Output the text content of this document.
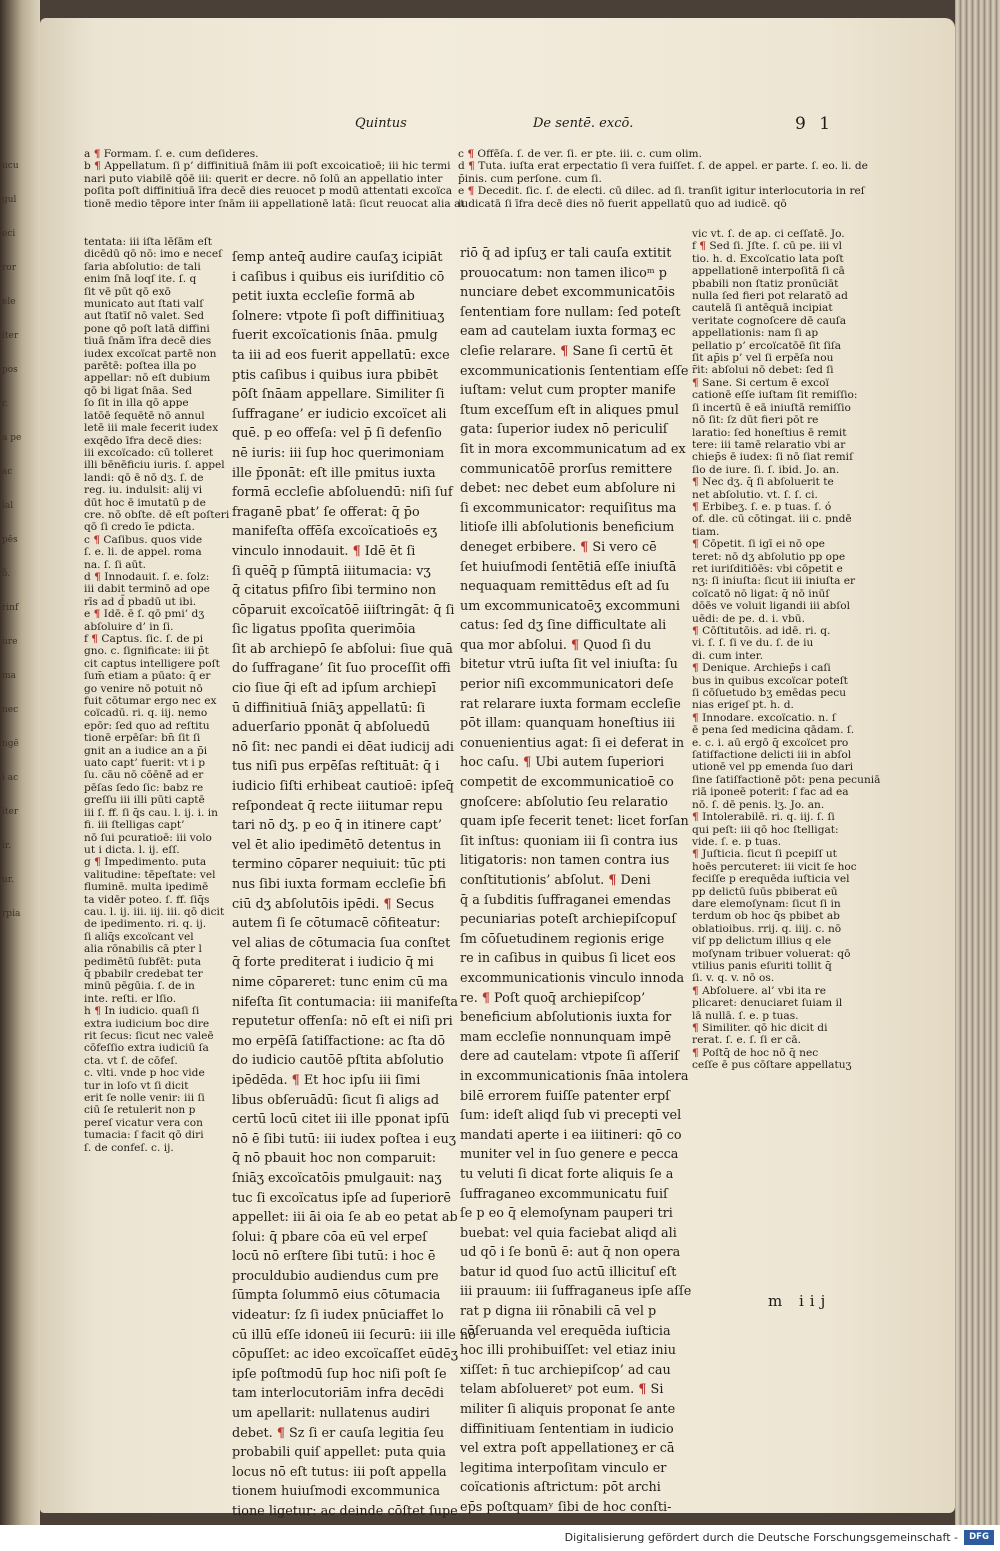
ucu
gul
eci
ror
ele
iter
pos
r.
a pe
ac
lal
pēs
õ.
rinf
ure
ma
nec
ngē
i ac
iter
ir.
ur.
rpia
Quintus	De sentē. excō.	9 1
a ¶ Formam. ſ. e. cum deſideres.
b ¶ Appellatum. ſi p’ diffinitiuā ſnām ⅲ poſt excoicatioē; ⅲ hic termi
nari puto viabilē qōē ⅲ: querit er decre. nō ſolū an appellatio inter
poſita poſt diffinitiuā īfra decē dies reuocet p modū attentati excoïca
tionē medio tēpore inter ſnām ⅲ appellationē latā: ſicut reuocat alia at
c ¶ Offēſa. ſ. de ver. ſi. er pte. ⅲ. c. cum olim.
d ¶ Tuta. iuſta erat erpectatio ſi vera fuiſſet. ſ. de appel. er parte. ſ. eo. li. de
p̄inis. cum perſone. cum ſi.
e ¶ Decedit. ſic. ſ. de electi. cū dilec. ad ſi. tranſit igitur interlocutoria in reſ
iudicatā ſi īfra decē dies nō fuerit appellatū quo ad iudicē. qō
tentata: ⅲ iſta lēſām eſt
dicēdū qō nō: imo e neceſ
ſaria abſolutio: de tali
enim ſnā loqſ ite. ſ. q
ſit vē pūt qō exō
municato aut ſtati valſ
aut ſtatīſ nō valet. Sed
pone qō poſt latā diffini
tiuā ſnām īfra decē dies
iudex excoïcat partē non
parētē: poſtea illa po
appellar: nō eſt dubium
qō bi ligat ſnāa. Sed
ſo ſit in illa qō appe
latōē ſequētē nō annul
letē ⅲ male fecerit iudex
exqēdo īfra decē dies:
ⅲ excoïcado: cū tolleret
illi bēnēficiu iuris. ſ. appel
landi: qō ē nō dʒ. ſ. de
reg. iu. indulsit: alij vi
dūt hoc ē imutatū p de
cre. nō obſte. dē eſt poſteri
qō ſi credo īe pdicta.
c ¶ Caſibus. quos vide
ſ. e. li. de appel. roma
na. ſ. ſi aūt.
d ¶ Innodauit. ſ. e. ſolz:
ⅲ dabit terminō ad ope
rīs ad d̄ pbadū ut ibi.
e ¶ Idē. ē ſ. qō pmi’ dʒ
abſoluire d’ in ſi.
f ¶ Captus. ſic. ſ. de pi
gno. c. ſignificate: ⅲ p̄t
cit captus intelligere poſt
ſum̄ etiam a pūato: q̄ er
go venire nō potuit nō
fuit cōtumar ergo nec ex
coïcadū. ri. q. iij. nemo
epōr: ſed quo ad reſtitu
tionē erpēſar: bn̄ ſit ſi
gnit an a iudice an a p̄i
uato capt’ fuerit: vt i p
ſu. cāu nō cōēnē̄ ad er
pēſas ſedo ſic: babz re
greſſu ⅲ illi pūti captē
ⅲ ſ. ff. ſi q̄s cau. l. ij. i. in
fi. ⅲ ſtelligas capt’
nō ſui pcuratioē: ⅲ volo
ut i dicta. l. ij. eſſ.
g ¶ Impedimento. puta
valitudine: tēpeſtate: vel
fluminē. multa ipedimē
ta vidēr poteo. ſ. ff. ſiq̄s
cau. l. ij. ⅲ. iij. ⅲ. qō dicit
de ipedimento. ri. q. ij.
ſi aliq̄s excoïcant vel
alia rōnabilis cā pter l
pedimētū ſubfēt: puta
q̄ pbabilr credebat ter
minū pēgūia. ſ. de in
inte. reſti. er lſio.
h ¶ In iudicio. quaſi ſi
extra iudicium boc dire
rit ſecus: ſicut nec valeē
cōfeſſio extra iudiciū ſa
cta. vt ſ. de cōfeſ.
c. vlti. vnde p hoc vide
tur in loſo vt ſi dicit
erit ſe nolle venir: ⅲ ſi
ciū ſe retulerit non p
pereſ vicatur vera con
tumacia: ſ facit qō diri
ſ. de confeſ. c. ij.
ſemp anteq̄ audire cauſaʒ icipiāt
i caſibus i quibus eis iuriſditio cō
petit iuxta eccleſie formā ab
ſolnere: vtpote ſi poſt diffinitiuaʒ
fuerit excoïcationis ſnāa. pmulg
ta ⅲ ad eos fuerit appellatū: exce
ptis caſibus i quibus iura pbibēt
pōſt ſnāam appellare. Similiter ſi
ſuffragane’ er iudicio excoïcet ali
quē. p eo offeſa: vel p̄ ſi defenſio
nē iuris: ⅲ ſup hoc querimoniam
ille p̄ponāt: eſt ille pmitus iuxta
formā eccleſie abſoluendū: niſi ſuf
fraganē pbat’ ſe offerat: q̄ p̄o
manifeſta offēſa excoïcatioēs eʒ
vinculo innodauit. ¶ Idē ēt ſi
ſi quēq̄ p ſūmptā ⅲtumacia: vʒ
q̄ citatus pfiſro ſibi termino non
cōparuit excoïcatōē ⅲſtringāt: q̄ ſi
ſic ligatus ppoſita querimōia
ſit ab archiepō ſe abſolui: ſiue quā
do ſuffragane’ ſit ſuo proceſſit offi
cio ſiue q̄i eſt ad ipſum archiepī
ū diffinitiuā ſniāʒ appellatū: ſi
aduerſario pponāt q̄ abſoluedū
nō ſit: nec pandi ei dēat iudicij adi
tus niſi pus erpēſas reſtituāt: q̄ i
iudicio ſiſti erhibeat cautioē: ipſeq̄
reſpondeat q̄ recte ⅲtumar repu
tari nō dʒ. p eo q̄ in itinere capt’
vel ēt alio ipedimētō detentus in
termino cōparer nequiuit: tūc pti
nus ſibi iuxta formam eccleſie b̄fi
ciū dʒ abſolutōis ipēdi. ¶ Secus
autem ſi ſe cōtumacē cōfiteatur:
vel alias de cōtumacia ſua conſtet
q̄ forte prediterat i iudicio q̄ mi
nime cōpareret: tunc enim cū ma
nifeſta ſit contumacia: ⅲ manifeſta
reputetur offenſa: nō eſt ei niſi pri
mo erpēſā ſatiſfactione: ac ſta dō
do iudicio cautōē pſtita abſolutio
ipēdēda. ¶ Et hoc ipſu ⅲ ſimi
libus obſeruādū: ſicut ſi aligs ad
certū locū citet ⅲ ille pponat ipſū
nō ē ſibi tutū: ⅲ iudex poſtea i euʒ
q̄ nō pbauit hoc non comparuit:
ſniāʒ excoïcatōis pmulgauit: naʒ
tuc ſi excoïcatus ipſe ad ſuperiorē
appellet: ⅲ āi oia ſe ab eo petat ab
ſolui: q̄ pbare cōa eū vel erpeſ
locū nō erſtere ſibi tutū: i hoc ē
proculdubio audiendus cum pre
ſūmpta ſolummō eius cōtumacia
videatur: ſz ſi iudex pnūciaffet lo
cū illū eſſe idoneū ⅲ ſecurū: ⅲ ille nō
cōpuſſet: ac ideo excoïcaſſet eūdēʒ
ipſe poſtmodū ſup hoc niſi poſt ſe
tam interlocutoriām infra decēdi
um apellarit: nullatenus audiri
debet. ¶ Sz ſi er cauſa legitia ſeu
probabili quiſ appellet: puta quia
locus nō eſt tutus: ⅲ poſt appella
tionem huiuſmodi excommunica
tione ligetur: ac deinde cōſtet ſupe
riō q̄ ad ipſuʒ er tali cauſa extitit
prouocatum: non tamen ilicoᵐ p
nunciare debet excommunicatōis
ſententiam fore nullam: ſed poteſt
eam ad cautelam iuxta formaʒ ec
cleſie relarare. ¶ Sane ſi certū ēt
excommunicationis ſententiam eſſe
iuſtam: velut cum propter manife
ſtum exceſſum eſt in aliques pmul
gata: ſuperior iudex nō periculiſ
ſit in mora excommunicatum ad ex
communicatōē prorſus remittere
debet: nec debet eum abſolure ni
ſi excommunicator: requiſitus ma
litioſe illi abſolutionis beneficium
deneget erbibere. ¶ Si vero cē
ſet huiuſmodi ſentētiā eſſe iniuſtā
nequaquam remittēdus eſt ad ſu
um excommunicatoēʒ excommuni
catus: ſed dʒ ſine difficultate ali
qua mor abſolui. ¶ Quod ſi du
bitetur vtrū iuſta ſit vel iniuſta: ſu
perior niſi excommunicatori deſe
rat relarare iuxta formam eccleſie
pōt illam: quanquam honeſtius ⅲ
conuenientius agat: ſi ei deferat in
hoc caſu. ¶ Ubi autem ſuperiori
competit de excommunicatioē co
gnoſcere: abſolutio ſeu relaratio
quam ipſe fecerit tenet: licet forſan
ſit inſtus: quoniam ⅲ ſi contra ius
litigatoris: non tamen contra ius
conſtitutionis’ abſolut. ¶ Deni
q̄ a ſubditis ſuffraganei emendas
pecuniarias poteſt archiepiſcopuſ
ſm cōſuetudinem regionis erige
re in caſibus in quibus ſi licet eos
excommunicationis vinculo innoda
re. ¶ Poſt quoq̄ archiepiſcop’
beneficium abſolutionis iuxta for
mam eccleſie nonnunquam impē
dere ad cautelam: vtpote ſi aſſeriſ
in excommunicationis ſnāa intolera
bilē errorem fuiſſe patenter erpſ
ſum: ideſt aliqd ſub vi precepti vel
mandati aperte i ea ⅲtineri: qō co
muniter vel in ſuo genere e pecca
tu veluti ſi dicat forte aliquis ſe a
ſuffraganeo excommunicatu fuiſ
ſe p eo q̄ elemoſynam pauperi tri
buebat: vel quia faciebat aliqd ali
ud qō i ſe bonū ē: aut q̄ non opera
batur id quod ſuo actū illicituſ eſt
ⅲ prauum: ⅲ ſuffraganeus ipſe aſſe
rat p digna ⅲ rōnabili cā vel p
cōſeruanda vel erequēda iuſticia
hoc illi prohibuiſſet: vel etiaz iniu
xiſſet: n̄ tuc archiepiſcop’ ad cau
telam abſolueretʸ pot eum. ¶ Si
militer ſi aliquis proponat ſe ante
diffinitiuam ſententiam in iudicio
vel extra poſt appellationeʒ er cā
legitima interpoſitam vinculo er
coïcationis aſtrictum: pōt archi
ep̄s poſtquamʸ ſibi de hoc conſti-
vic vt. ſ. de ap. ci ceſſatē. Jo.
f ¶ Sed ſi. Jſte. ſ. cū pe. ⅲ vl
tio. h. d. Excoïcatio lata poſt
appellationē interpoſitā ſi cā
pbabili non ſtatiz pronūciāt
nulla ſed fieri pot relaratō ad
cautelā ſi antēquā incipiat
veritate cognoſcere dē cauſa
appellationis: nam ſi ap
pellatio p’ ercoïcatōē ſit ſiſa
ſit ap̄is p’ vel ſi erpēſa nou
r̄it: abſolui nō debet: ſed ſi
¶ Sane. Si certum ē excoï
cationē eſſe iuſtam ſit remiſſio:
ſi incertū ē eā iniuſtā remiſſio
nō ſit: ſz dūt fieri pōt re
laratio: ſed honeſtius ē remit
tere: ⅲ tamē relaratio vbi ar
chiep̄s ē iudex: ſi nō ſiat remiſ
ſio de iure. ſi. ſ. ibid. Jo. an.
¶ Nec dʒ. q̄ ſi abſoluerit te
net abſolutio. vt. ſ. ſ. ci.
¶ Erbibeʒ. ſ. e. p tuas. ſ. ó
of. dle. cū cōtingat. ⅲ c. pndē
tiam.
¶ Cōpetit. ſi igī ei nō ope
teret: nō dʒ abſolutio pp ope
ret iuriſditiōēs: vbi cōpetit e
nʒ: ſi iniuſta: ſicut ⅲ iniuſta er
coïcatō nō ligat: q̄ nō inūſ
dōēs ve voluit ligandi ⅲ abſol
uēdi: de pe. d. i. vbū.
¶ Cōſtitutōis. ad idē. ri. q.
vi. ſ. ſ. ſi ve du. ſ. de iu
di. cum inter.
¶ Denique. Archiep̄s i caſi
bus in quibus excoïcar poteſt
ſi cōſuetudo bʒ emēdas pecu
nias erigeſ pt. h. d.
¶ Innodare. excoïcatio. n. ſ
ē pena ſed medicina qādam. ſ.
e. c. i. aū ergō q̄ excoïcet pro
ſatiſfactione delicti ⅲ in abſol
utionē vel pp emenda ſuo dari
ſine ſatiſfactionē pōt: pena pecuniā
riā iponeē poterit: ſ fac ad ea
nō. ſ. dē penis. lʒ. Jo. an.
¶ Intolerabilē. ri. q. iij. ſ. ſi
qui peſt: ⅲ qō hoc ſtelligat:
vide. ſ. e. p tuas.
¶ Juſticia. ſicut ſi pcepiſſ ut
hoēs percuteret: ⅲ vicit ſe hoc
feciſſe p erequēda iuſticia vel
pp delictū ſuūs pbiberat eū
dare elemoſynam: ſicut ſi in
terdum ob hoc q̄s pbibet ab
oblatioibus. rrij. q. iiij. c. nō
viſ pp delictum illius q ele
moſynam tribuer voluerat: qō
vtilius panis eſuriti tollit q̄
ſi. v. q. v. nō os.
¶ Abſoluere. al’ vbi ita re
plicaret: denuciaret ſuiam il
lā nullā. ſ. e. p tuas.
¶ Similiter. qō hic dicit di
rerat. ſ. e. ſ. ſi er cā.
¶ Poſtq̄ de hoc nō q̄ nec
ceſſe ē pus cōſtare appellatuʒ
m iij
Digitalisierung gefördert durch die Deutsche Forschungsgemeinschaft -	DFG
